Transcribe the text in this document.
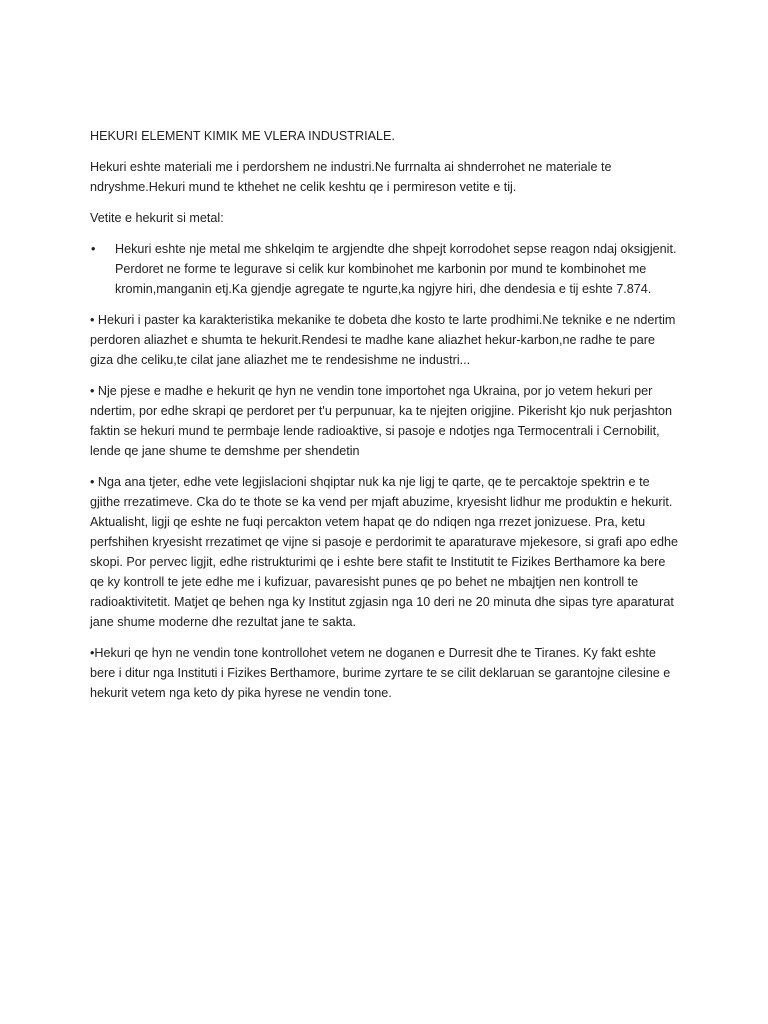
HEKURI ELEMENT KIMIK ME VLERA INDUSTRIALE.

Hekuri eshte materiali me i perdorshem ne industri.Ne furrnalta ai shnderrohet ne materiale te ndryshme.Hekuri mund te kthehet ne celik keshtu qe i permireson vetite e tij.

Vetite e hekurit si metal:

•	Hekuri eshte nje metal me shkelqim te argjendte dhe shpejt korrodohet sepse reagon ndaj oksigjenit. Perdoret ne forme te legurave si celik kur kombinohet me karbonin por mund te kombinohet me kromin,manganin etj.Ka gjendje agregate te ngurte,ka ngjyre hiri, dhe dendesia e tij eshte 7.874.

• Hekuri i paster ka karakteristika mekanike te dobeta dhe kosto te larte prodhimi.Ne teknike e ne ndertim perdoren aliazhet e shumta te hekurit.Rendesi te madhe kane aliazhet hekur-karbon,ne radhe te pare giza dhe celiku,te cilat jane aliazhet me te rendesishme ne industri...

• Nje pjese e madhe e hekurit qe hyn ne vendin tone importohet nga Ukraina, por jo vetem hekuri per ndertim, por edhe skrapi qe perdoret per t'u perpunuar, ka te njejten origjine. Pikerisht kjo nuk perjashton faktin se hekuri mund te permbaje lende radioaktive, si pasoje e ndotjes nga Termocentrali i Cernobilit, lende qe jane shume te demshme per shendetin

• Nga ana tjeter, edhe vete legjislacioni shqiptar nuk ka nje ligj te qarte, qe te percaktoje spektrin e te gjithe rrezatimeve. Cka do te thote se ka vend per mjaft abuzime, kryesisht lidhur me produktin e hekurit. Aktualisht, ligji qe eshte ne fuqi percakton vetem hapat qe do ndiqen nga rrezet jonizuese. Pra, ketu perfshihen kryesisht rrezatimet qe vijne si pasoje e perdorimit te aparaturave mjekesore, si grafi apo edhe skopi. Por pervec ligjit, edhe ristrukturimi qe i eshte bere stafit te Institutit te Fizikes Berthamore ka bere qe ky kontroll te jete edhe me i kufizuar, pavaresisht punes qe po behet ne mbajtjen nen kontroll te radioaktivitetit. Matjet qe behen nga ky Institut zgjasin nga 10 deri ne 20 minuta dhe sipas tyre aparaturat jane shume moderne dhe rezultat jane te sakta.

•Hekuri qe hyn ne vendin tone kontrollohet vetem ne doganen e Durresit dhe te Tiranes. Ky fakt eshte bere i ditur nga Instituti i Fizikes Berthamore, burime zyrtare te se cilit deklaruan se garantojne cilesine e hekurit vetem nga keto dy pika hyrese ne vendin tone.
